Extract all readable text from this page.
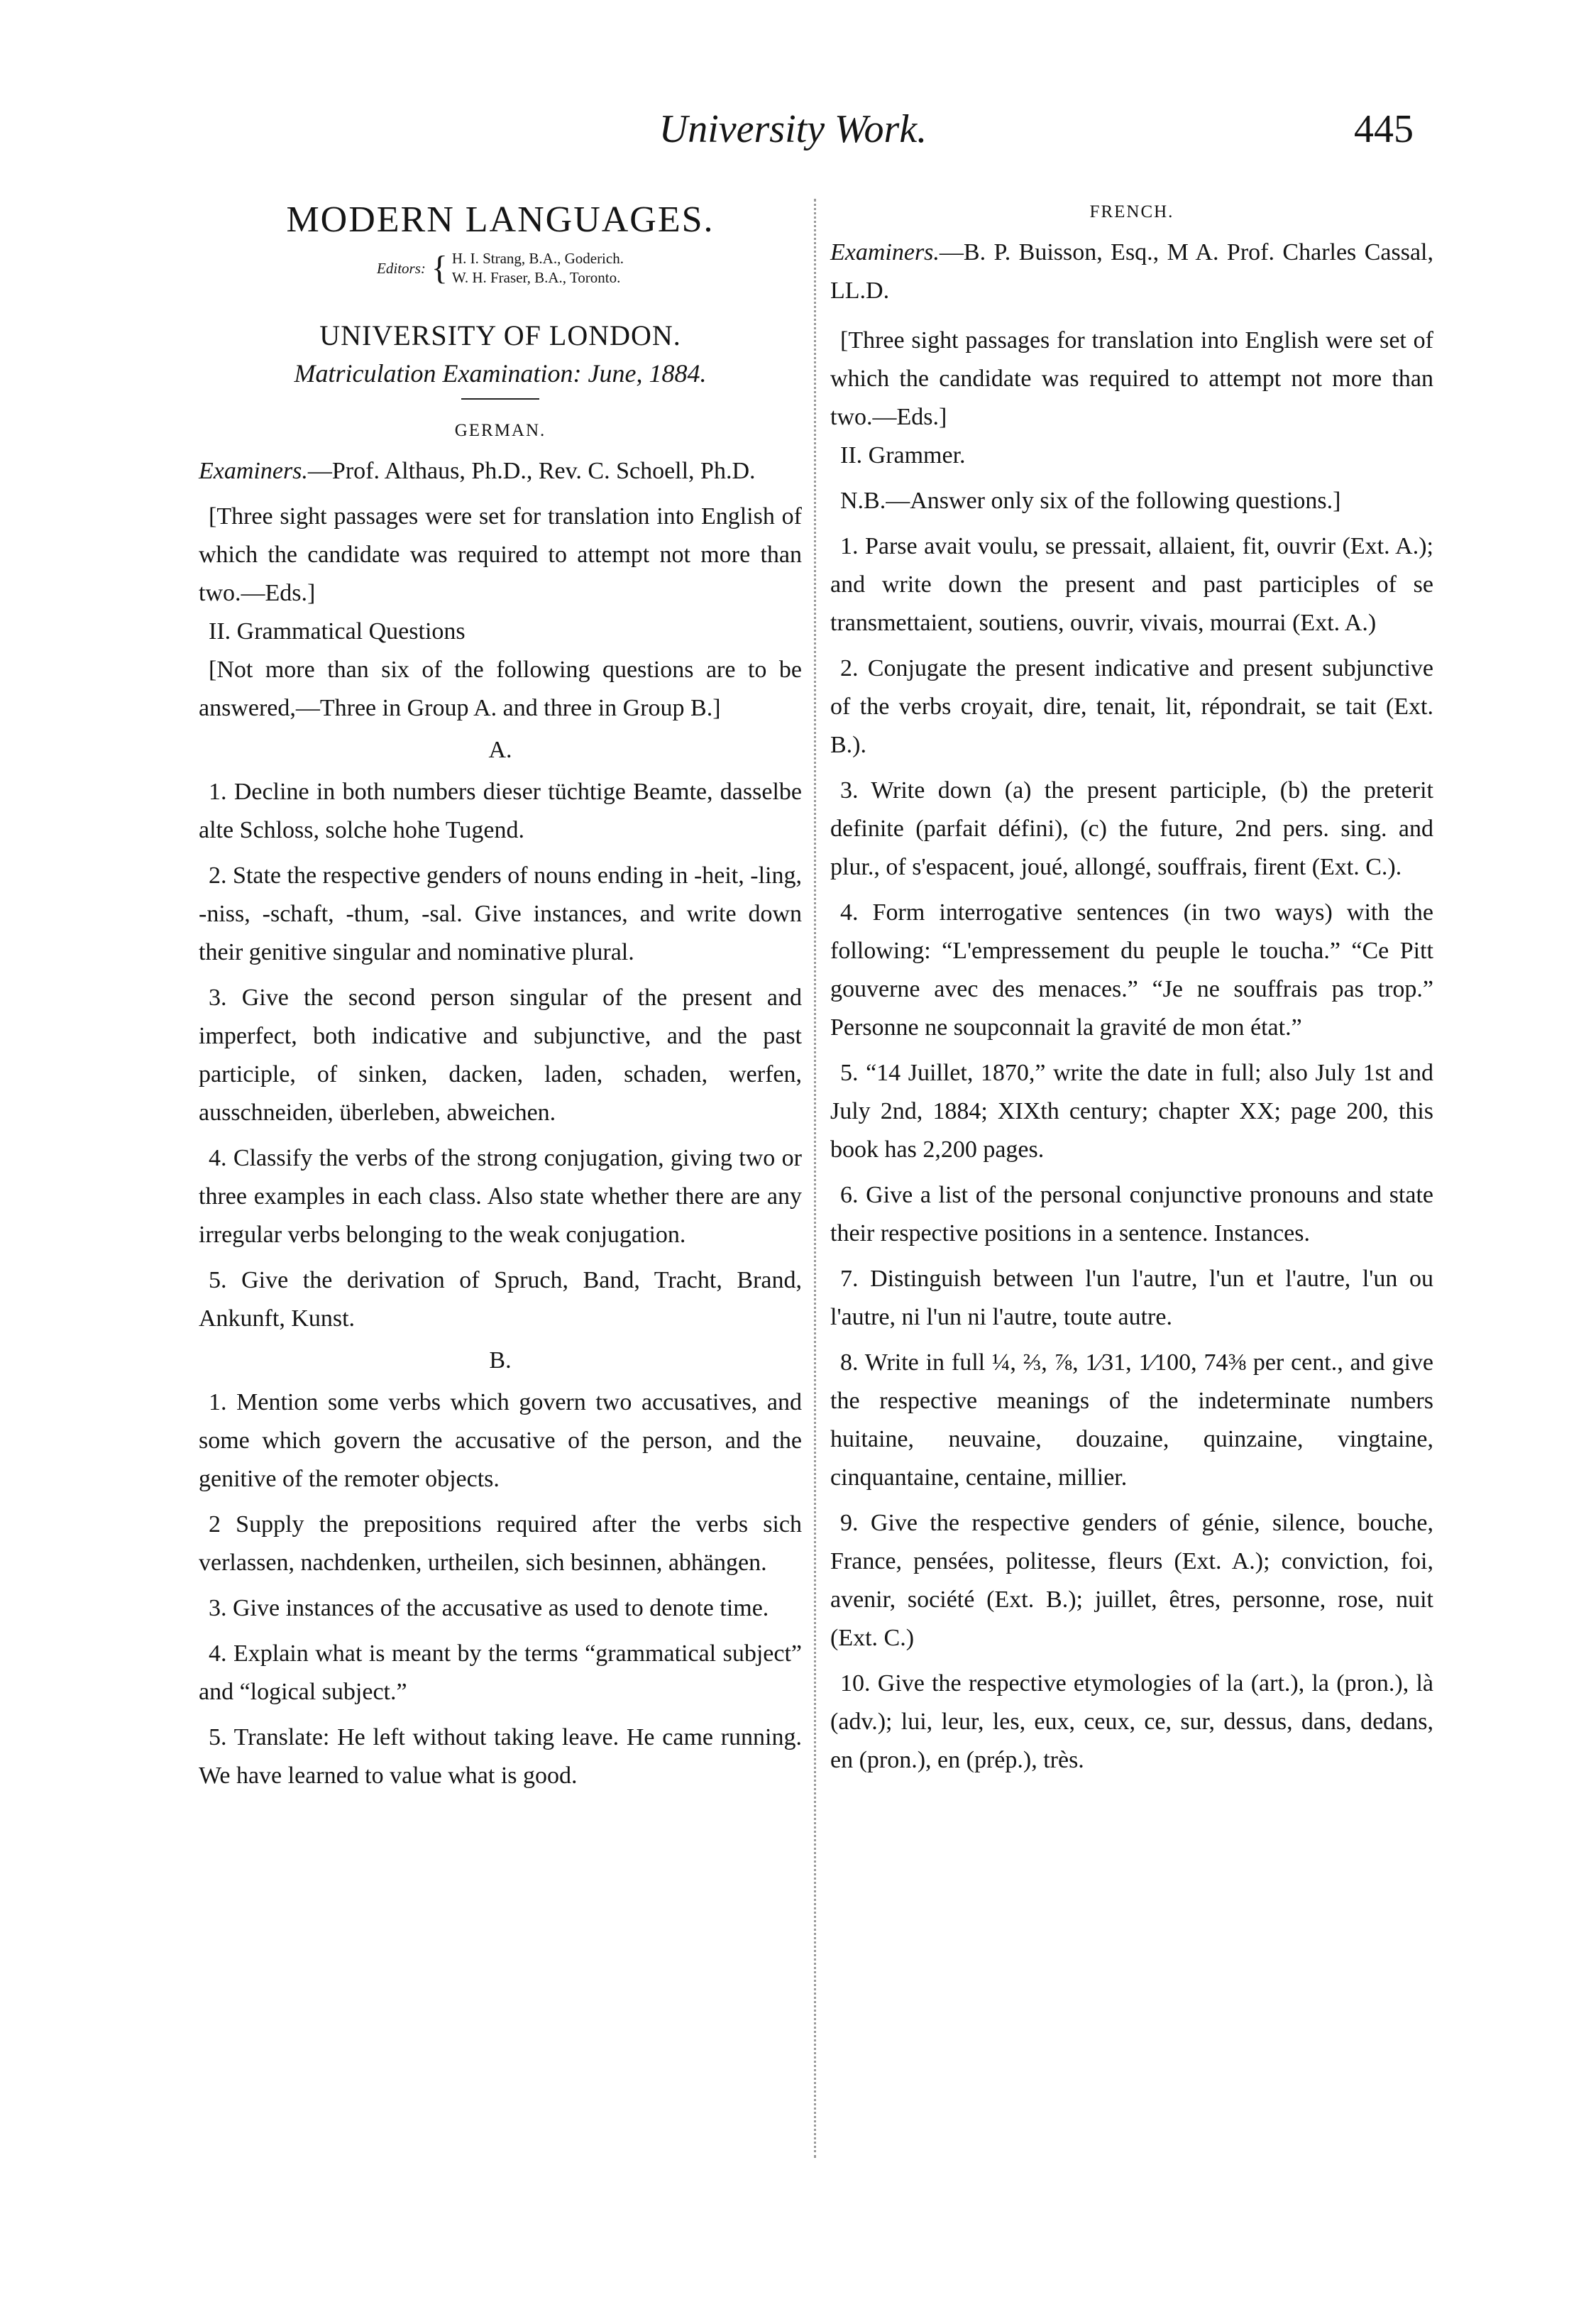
University Work.	445

MODERN LANGUAGES.

Editors: { H. I. Strang, B.A., Goderich.
W. H. Fraser, B.A., Toronto.

UNIVERSITY OF LONDON.

Matriculation Examination: June, 1884.

GERMAN.

Examiners.—Prof. Althaus, Ph.D., Rev. C. Schoell, Ph.D.

[Three sight passages were set for translation into English of which the candidate was required to attempt not more than two.—Eds.]

II. Grammatical Questions

[Not more than six of the following questions are to be answered,—Three in Group A. and three in Group B.]

A.

1. Decline in both numbers dieser tüchtige Beamte, dasselbe alte Schloss, solche hohe Tugend.

2. State the respective genders of nouns ending in -heit, -ling, -niss, -schaft, -thum, -sal. Give instances, and write down their genitive singular and nominative plural.

3. Give the second person singular of the present and imperfect, both indicative and subjunctive, and the past participle, of sinken, dacken, laden, schaden, werfen, ausschneiden, überleben, abweichen.

4. Classify the verbs of the strong conjugation, giving two or three examples in each class. Also state whether there are any irregular verbs belonging to the weak conjugation.

5. Give the derivation of Spruch, Band, Tracht, Brand, Ankunft, Kunst.

B.

1. Mention some verbs which govern two accusatives, and some which govern the accusative of the person, and the genitive of the remoter objects.

2 Supply the prepositions required after the verbs sich verlassen, nachdenken, urtheilen, sich besinnen, abhängen.

3. Give instances of the accusative as used to denote time.

4. Explain what is meant by the terms “grammatical subject” and “logical subject.”

5. Translate: He left without taking leave. He came running. We have learned to value what is good.

FRENCH.

Examiners.—B. P. Buisson, Esq., M A. Prof. Charles Cassal, LL.D.

[Three sight passages for translation into English were set of which the candidate was required to attempt not more than two.—Eds.]

II. Grammer.

N.B.—Answer only six of the following questions.]

1. Parse avait voulu, se pressait, allaient, fit, ouvrir (Ext. A.); and write down the present and past participles of se transmettaient, soutiens, ouvrir, vivais, mourrai (Ext. A.)

2. Conjugate the present indicative and present subjunctive of the verbs croyait, dire, tenait, lit, répondrait, se tait (Ext. B.).

3. Write down (a) the present participle, (b) the preterit definite (parfait défini), (c) the future, 2nd pers. sing. and plur., of s'espacent, joué, allongé, souffrais, firent (Ext. C.).

4. Form interrogative sentences (in two ways) with the following: “L'empressement du peuple le toucha.” “Ce Pitt gouverne avec des menaces.” “Je ne souffrais pas trop.” Personne ne soupconnait la gravité de mon état.”

5. “14 Juillet, 1870,” write the date in full; also July 1st and July 2nd, 1884; XIXth century; chapter XX; page 200, this book has 2,200 pages.

6. Give a list of the personal conjunctive pronouns and state their respective positions in a sentence. Instances.

7. Distinguish between l'un l'autre, l'un et l'autre, l'un ou l'autre, ni l'un ni l'autre, toute autre.

8. Write in full ¼, ⅔, ⅞, 1⁄31, 1⁄100, 74⅜ per cent., and give the respective meanings of the indeterminate numbers huitaine, neuvaine, douzaine, quinzaine, vingtaine, cinquantaine, centaine, millier.

9. Give the respective genders of génie, silence, bouche, France, pensées, politesse, fleurs (Ext. A.); conviction, foi, avenir, société (Ext. B.); juillet, êtres, personne, rose, nuit (Ext. C.)

10. Give the respective etymologies of la (art.), la (pron.), là (adv.); lui, leur, les, eux, ceux, ce, sur, dessus, dans, dedans, en (pron.), en (prép.), très.
